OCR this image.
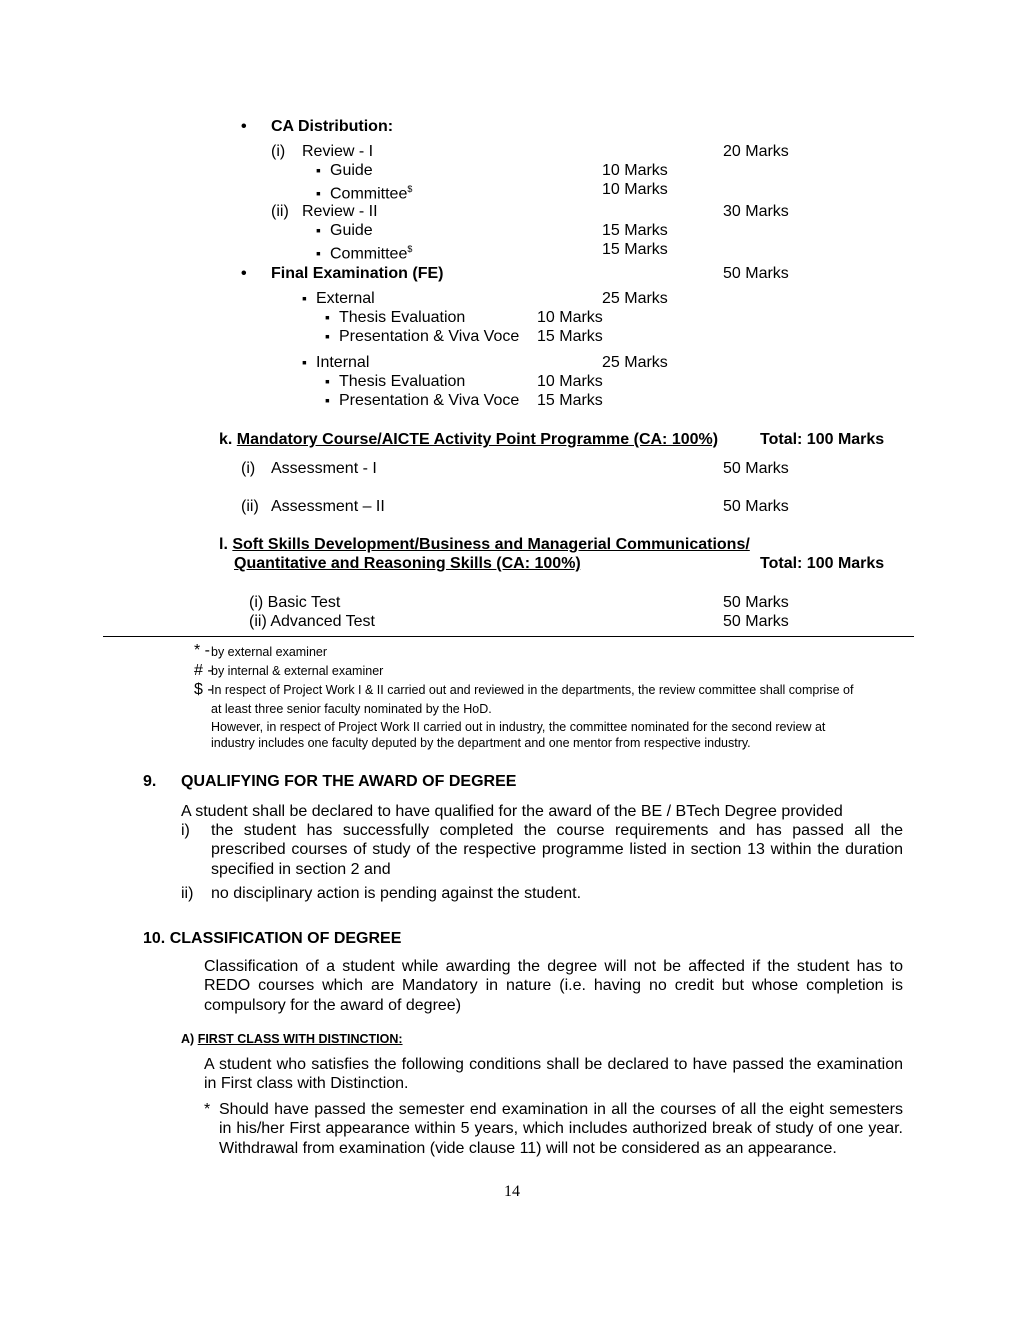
• CA Distribution:
(i) Review - I	20 Marks
▪ Guide	10 Marks
▪ Committee$	10 Marks
(ii) Review - II	30 Marks
▪ Guide	15 Marks
▪ Committee$	15 Marks
• Final Examination (FE)	50 Marks
▪ External	25 Marks
▪ Thesis Evaluation	10 Marks
▪ Presentation & Viva Voce 15 Marks
▪ Internal	25 Marks
▪ Thesis Evaluation	10 Marks
▪ Presentation & Viva Voce 15 Marks
k. Mandatory Course/AICTE Activity Point Programme (CA: 100%)	Total: 100 Marks
(i) Assessment - I	50 Marks
(ii) Assessment – II	50 Marks
l. Soft Skills Development/Business and Managerial Communications/
Quantitative and Reasoning Skills (CA: 100%)	Total: 100 Marks
(i) Basic Test	50 Marks
(ii) Advanced Test	50 Marks
* - by external examiner
# -
by internal & external examiner
$ -
In respect of Project Work I & II carried out and reviewed in the departments, the review committee shall comprise of
at least three senior faculty nominated by the HoD.
However, in respect of Project Work II carried out in industry, the committee nominated for the second review at
industry includes one faculty deputed by the department and one mentor from respective industry.
9. QUALIFYING FOR THE AWARD OF DEGREE
A student shall be declared to have qualified for the award of the BE / BTech Degree provided
i) the student has successfully completed the course requirements and has passed all the prescribed courses of study of the respective programme listed in section 13 within the duration specified in section 2 and
ii) no disciplinary action is pending against the student.
10. CLASSIFICATION OF DEGREE
Classification of a student while awarding the degree will not be affected if the student has to REDO courses which are Mandatory in nature (i.e. having no credit but whose completion is compulsory for the award of degree)
A) FIRST CLASS WITH DISTINCTION:
A student who satisfies the following conditions shall be declared to have passed the examination in First class with Distinction.
* Should have passed the semester end examination in all the courses of all the eight semesters in his/her First appearance within 5 years, which includes authorized break of study of one year. Withdrawal from examination (vide clause 11) will not be considered as an appearance.
14
